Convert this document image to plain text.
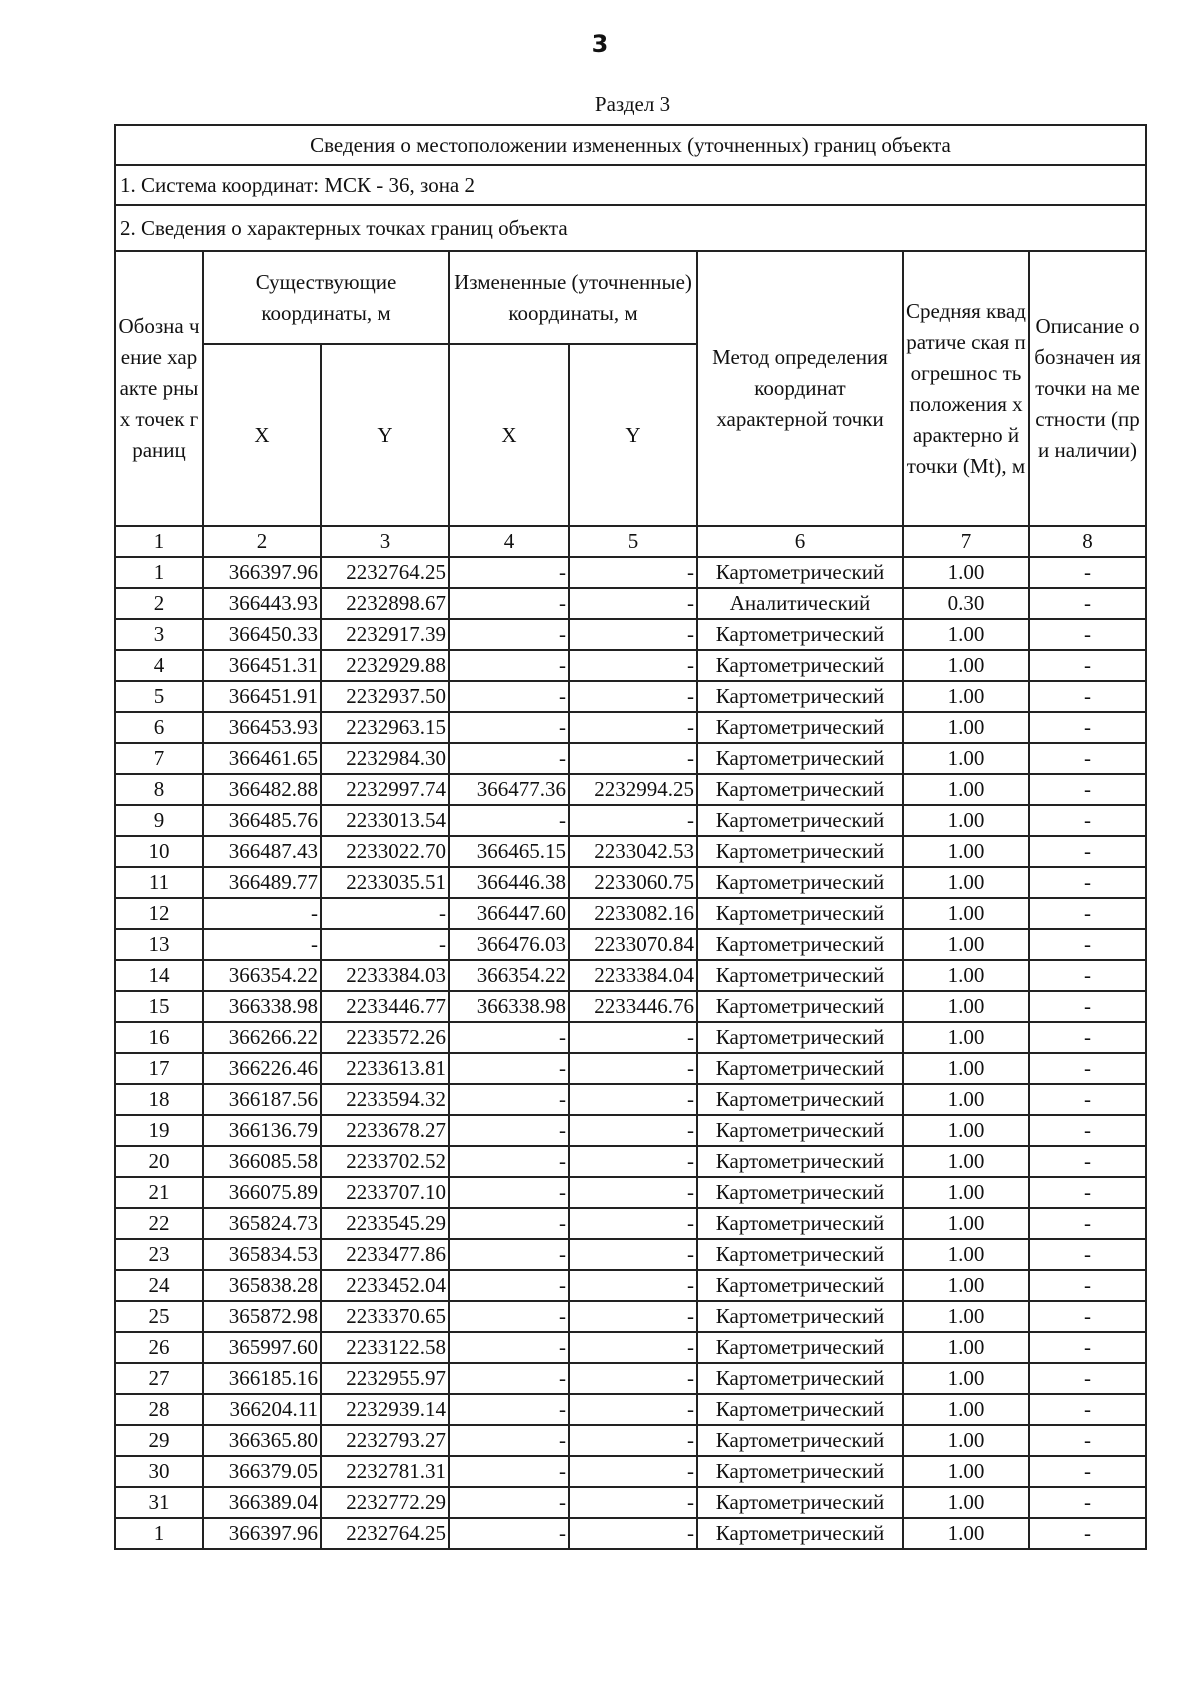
3
Раздел 3
Сведения о местоположении измененных (уточненных) границ объекта							
1. Система координат: МСК - 36, зона 2							
2. Сведения о характерных точках границ объекта							
Обозна чение характе рных точек границ	Существующие координаты, м		Измененные (уточненные) координаты, м		Метод определения координат характерной точки	Средняя квадратиче ская погрешнос ть положения характерно й точки (Mt), м	Описание обозначен ия точки на местности (при наличии)
	X	Y	X	Y			
1	2	3	4	5	6	7	8
1	366397.96	2232764.25	-	-	Картометрический	1.00	-
2	366443.93	2232898.67	-	-	Аналитический	0.30	-
3	366450.33	2232917.39	-	-	Картометрический	1.00	-
4	366451.31	2232929.88	-	-	Картометрический	1.00	-
5	366451.91	2232937.50	-	-	Картометрический	1.00	-
6	366453.93	2232963.15	-	-	Картометрический	1.00	-
7	366461.65	2232984.30	-	-	Картометрический	1.00	-
8	366482.88	2232997.74	366477.36	2232994.25	Картометрический	1.00	-
9	366485.76	2233013.54	-	-	Картометрический	1.00	-
10	366487.43	2233022.70	366465.15	2233042.53	Картометрический	1.00	-
11	366489.77	2233035.51	366446.38	2233060.75	Картометрический	1.00	-
12	-	-	366447.60	2233082.16	Картометрический	1.00	-
13	-	-	366476.03	2233070.84	Картометрический	1.00	-
14	366354.22	2233384.03	366354.22	2233384.04	Картометрический	1.00	-
15	366338.98	2233446.77	366338.98	2233446.76	Картометрический	1.00	-
16	366266.22	2233572.26	-	-	Картометрический	1.00	-
17	366226.46	2233613.81	-	-	Картометрический	1.00	-
18	366187.56	2233594.32	-	-	Картометрический	1.00	-
19	366136.79	2233678.27	-	-	Картометрический	1.00	-
20	366085.58	2233702.52	-	-	Картометрический	1.00	-
21	366075.89	2233707.10	-	-	Картометрический	1.00	-
22	365824.73	2233545.29	-	-	Картометрический	1.00	-
23	365834.53	2233477.86	-	-	Картометрический	1.00	-
24	365838.28	2233452.04	-	-	Картометрический	1.00	-
25	365872.98	2233370.65	-	-	Картометрический	1.00	-
26	365997.60	2233122.58	-	-	Картометрический	1.00	-
27	366185.16	2232955.97	-	-	Картометрический	1.00	-
28	366204.11	2232939.14	-	-	Картометрический	1.00	-
29	366365.80	2232793.27	-	-	Картометрический	1.00	-
30	366379.05	2232781.31	-	-	Картометрический	1.00	-
31	366389.04	2232772.29	-	-	Картометрический	1.00	-
1	366397.96	2232764.25	-	-	Картометрический	1.00	-
